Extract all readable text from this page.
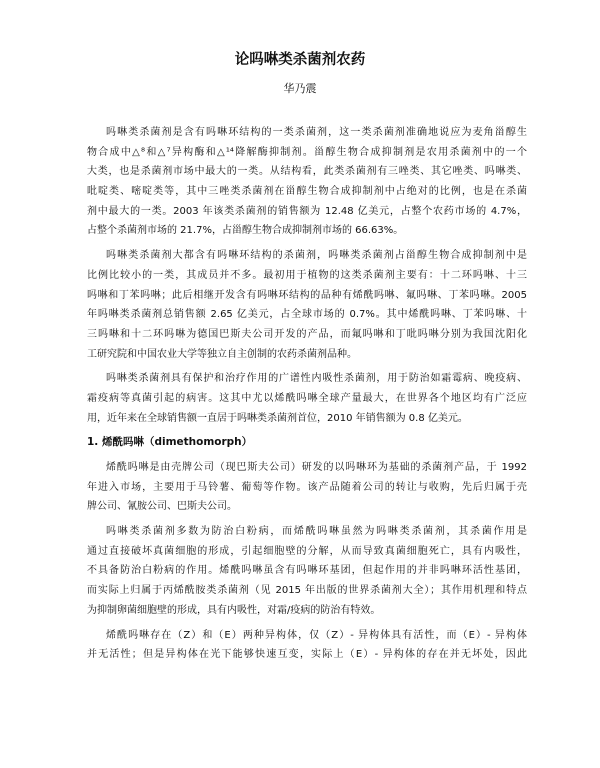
论吗啉类杀菌剂农药
华乃震
吗啉类杀菌剂是含有吗啉环结构的一类杀菌剂，这一类杀菌剂准确地说应为麦角甾醇生
物合成中△⁸和△⁷异构酶和△¹⁴降解酶抑制剂。甾醇生物合成抑制剂是农用杀菌剂中的一个
大类，也是杀菌剂市场中最大的一类。从结构看，此类杀菌剂有三唑类、其它唑类、吗啉类、
吡啶类、嘧啶类等，其中三唑类杀菌剂在甾醇生物合成抑制剂中占绝对的比例，也是在杀菌
剂中最大的一类。2003 年该类杀菌剂的销售额为 12.48 亿美元，占整个农药市场的 4.7%，
占整个杀菌剂市场的 21.7%，占甾醇生物合成抑制剂市场的 66.63%。
吗啉类杀菌剂大都含有吗啉环结构的杀菌剂，吗啉类杀菌剂占甾醇生物合成抑制剂中是
比例比较小的一类，其成员并不多。最初用于植物的这类杀菌剂主要有：十二环吗啉、十三
吗啉和丁苯吗啉；此后相继开发含有吗啉环结构的品种有烯酰吗啉、氟吗啉、丁苯吗啉。2005
年吗啉类杀菌剂总销售额 2.65 亿美元，占全球市场的 0.7%。其中烯酰吗啉、丁苯吗啉、十
三吗啉和十二环吗啉为德国巴斯夫公司开发的产品，而氟吗啉和丁吡吗啉分别为我国沈阳化
工研究院和中国农业大学等独立自主创制的农药杀菌剂品种。
吗啉类杀菌剂具有保护和治疗作用的广谱性内吸性杀菌剂，用于防治如霜霉病、晚疫病、
霜疫病等真菌引起的病害。这其中尤以烯酰吗啉全球产量最大，在世界各个地区均有广泛应
用，近年来在全球销售额一直居于吗啉类杀菌剂首位，2010 年销售额为 0.8 亿美元。
1. 烯酰吗啉（dimethomorph）
烯酰吗啉是由壳牌公司（现巴斯夫公司）研发的以吗啉环为基础的杀菌剂产品，于 1992
年进入市场，主要用于马铃薯、葡萄等作物。该产品随着公司的转让与收购，先后归属于壳
牌公司、氰胺公司、巴斯夫公司。
吗啉类杀菌剂多数为防治白粉病，而烯酰吗啉虽然为吗啉类杀菌剂，其杀菌作用是
通过直接破坏真菌细胞的形成，引起细胞壁的分解，从而导致真菌细胞死亡，具有内吸性，
不具备防治白粉病的作用。烯酰吗啉虽含有吗啉环基团，但起作用的并非吗啉环活性基团，
而实际上归属于丙烯酰胺类杀菌剂（见 2015 年出版的世界杀菌剂大全）；其作用机理和特点
为抑制卵菌细胞壁的形成，具有内吸性，对霜/疫病的防治有特效。
烯酰吗啉存在（Z）和（E）两种异构体，仅（Z）- 异构体具有活性，而（E）- 异构体
并无活性；但是异构体在光下能够快速互变，实际上（E）- 异构体的存在并无坏处，因此
